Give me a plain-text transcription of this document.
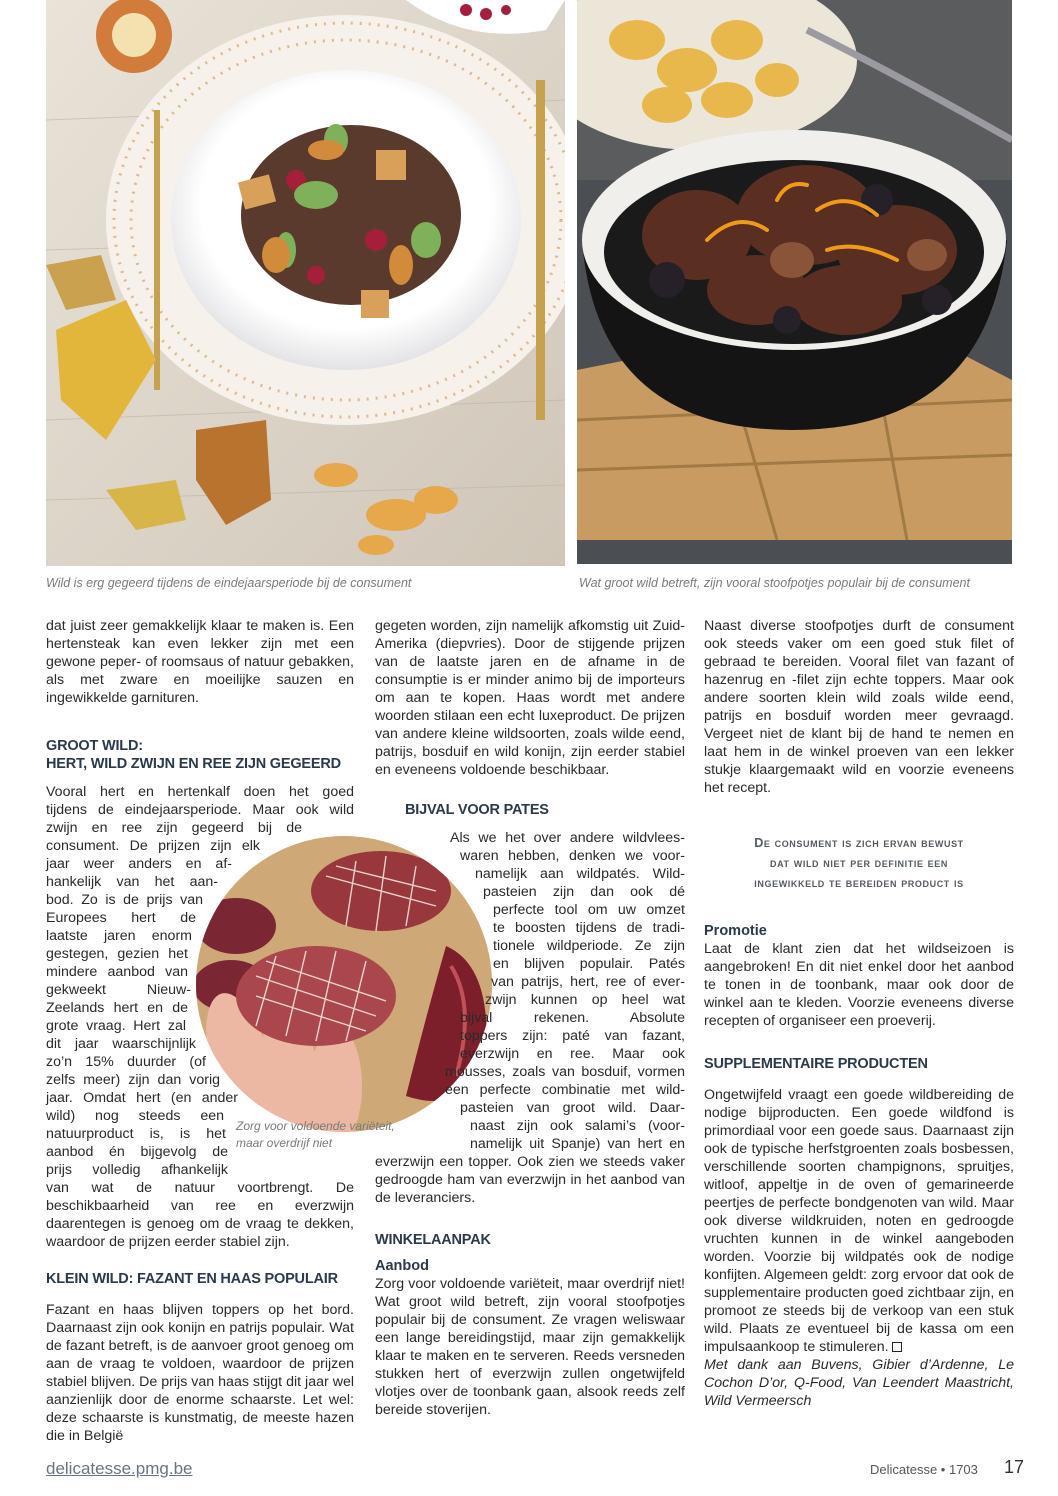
Wild is erg gegeerd tijdens de eindejaarsperiode bij de consument	Wat groot wild betreft, zijn vooral stoofpotjes populair bij de consument

dat juist zeer gemakkelijk klaar te maken is. Een hertensteak kan even lekker zijn met een gewone peper- of roomsaus of natuur gebakken, als met zware en moeilijke sauzen en ingewikkelde garnituren.

GROOT WILD:

HERT, WILD ZWIJN EN REE ZIJN GEGEERD

Vooral hert en hertenkalf doen het goed
tijdens de eindejaarsperiode. Maar ook wild
zwijn en ree zijn gegeerd bij de
consument. De prijzen zijn elk
jaar weer anders en af-
hankelijk van het aan-
bod. Zo is de prijs van
Europees hert de
laatste jaren enorm
gestegen, gezien het
mindere aanbod van
gekweekt Nieuw-
Zeelands hert en de
grote vraag. Hert zal
dit jaar waarschijnlijk
zo’n 15% duurder (of
zelfs meer) zijn dan vorig
jaar. Omdat hert (en ander
wild) nog steeds een
natuurproduct is, is het
aanbod én bijgevolg de
prijs volledig afhankelijk

van wat de natuur voortbrengt. De beschikbaarheid van ree en everzwijn daarentegen is genoeg om de vraag te dekken, waardoor de prijzen eerder stabiel zijn.

KLEIN WILD: FAZANT EN HAAS POPULAIR

Fazant en haas blijven toppers op het bord. Daarnaast zijn ook konijn en patrijs populair. Wat de fazant betreft, is de aanvoer groot genoeg om aan de vraag te voldoen, waardoor de prijzen stabiel blijven. De prijs van haas stijgt dit jaar wel aanzienlijk door de enorme schaarste. Let wel: deze schaarste is kunstmatig, de meeste hazen die in België

Zorg voor voldoende variëteit,
maar overdrijf niet

gegeten worden, zijn namelijk afkomstig uit Zuid-Amerika (diepvries). Door de stijgende prijzen van de laatste jaren en de afname in de consumptie is er minder animo bij de importeurs om aan te kopen. Haas wordt met andere woorden stilaan een echt luxeproduct. De prijzen van andere kleine wildsoorten, zoals wilde eend, patrijs, bosduif en wild konijn, zijn eerder stabiel en eveneens voldoende beschikbaar.

BIJVAL VOOR PATES

Als we het over andere wildvlees-
waren hebben, denken we voor-
namelijk aan wildpatés. Wild-
pasteien zijn dan ook dé
perfecte tool om uw omzet
te boosten tijdens de tradi-
tionele wildperiode. Ze zijn
en blijven populair. Patés
van patrijs, hert, ree of ever-
zwijn kunnen op heel wat
bijval rekenen. Absolute
toppers zijn: paté van fazant,
everzwijn en ree. Maar ook
mousses, zoals van bosduif, vormen
een perfecte combinatie met wild-
pasteien van groot wild. Daar-
naast zijn ook salami’s (voor-
namelijk uit Spanje) van hert en

everzwijn een topper. Ook zien we steeds vaker gedroogde ham van everzwijn in het aanbod van de leveranciers.

WINKELAANPAK

Aanbod

Zorg voor voldoende variëteit, maar overdrijf niet! Wat groot wild betreft, zijn vooral stoofpotjes populair bij de consument. Ze vragen weliswaar een lange bereidingstijd, maar zijn gemakkelijk klaar te maken en te serveren. Reeds versneden stukken hert of everzwijn zullen ongetwijfeld vlotjes over de toonbank gaan, alsook reeds zelf bereide stoverijen.

Naast diverse stoofpotjes durft de consument ook steeds vaker om een goed stuk filet of gebraad te bereiden. Vooral filet van fazant of hazenrug en -filet zijn echte toppers. Maar ook andere soorten klein wild zoals wilde eend, patrijs en bosduif worden meer gevraagd. Vergeet niet de klant bij de hand te nemen en laat hem in de winkel proeven van een lekker stukje klaargemaakt wild en voorzie eveneens het recept.

De consument is zich ervan bewust
dat wild niet per definitie een
ingewikkeld te bereiden product is

Promotie

Laat de klant zien dat het wildseizoen is aangebroken! En dit niet enkel door het aanbod te tonen in de toonbank, maar ook door de winkel aan te kleden. Voorzie eveneens diverse recepten of organiseer een proeverij.

SUPPLEMENTAIRE PRODUCTEN

Ongetwijfeld vraagt een goede wildbereiding de nodige bijproducten. Een goede wildfond is primordiaal voor een goede saus. Daarnaast zijn ook de typische herfstgroenten zoals bosbessen, verschillende soorten champignons, spruitjes, witloof, appeltje in de oven of gemarineerde peertjes de perfecte bondgenoten van wild. Maar ook diverse wildkruiden, noten en gedroogde vruchten kunnen in de winkel aangeboden worden. Voorzie bij wildpatés ook de nodige konfijten. Algemeen geldt: zorg ervoor dat ook de supplementaire producten goed zichtbaar zijn, en promoot ze steeds bij de verkoop van een stuk wild. Plaats ze eventueel bij de kassa om een impulsaankoop te stimuleren.

Met dank aan Buvens, Gibier d’Ardenne, Le Cochon D’or, Q-Food, Van Leendert Maastricht, Wild Vermeersch

delicatesse.pmg.be	Delicatesse • 1703 17
